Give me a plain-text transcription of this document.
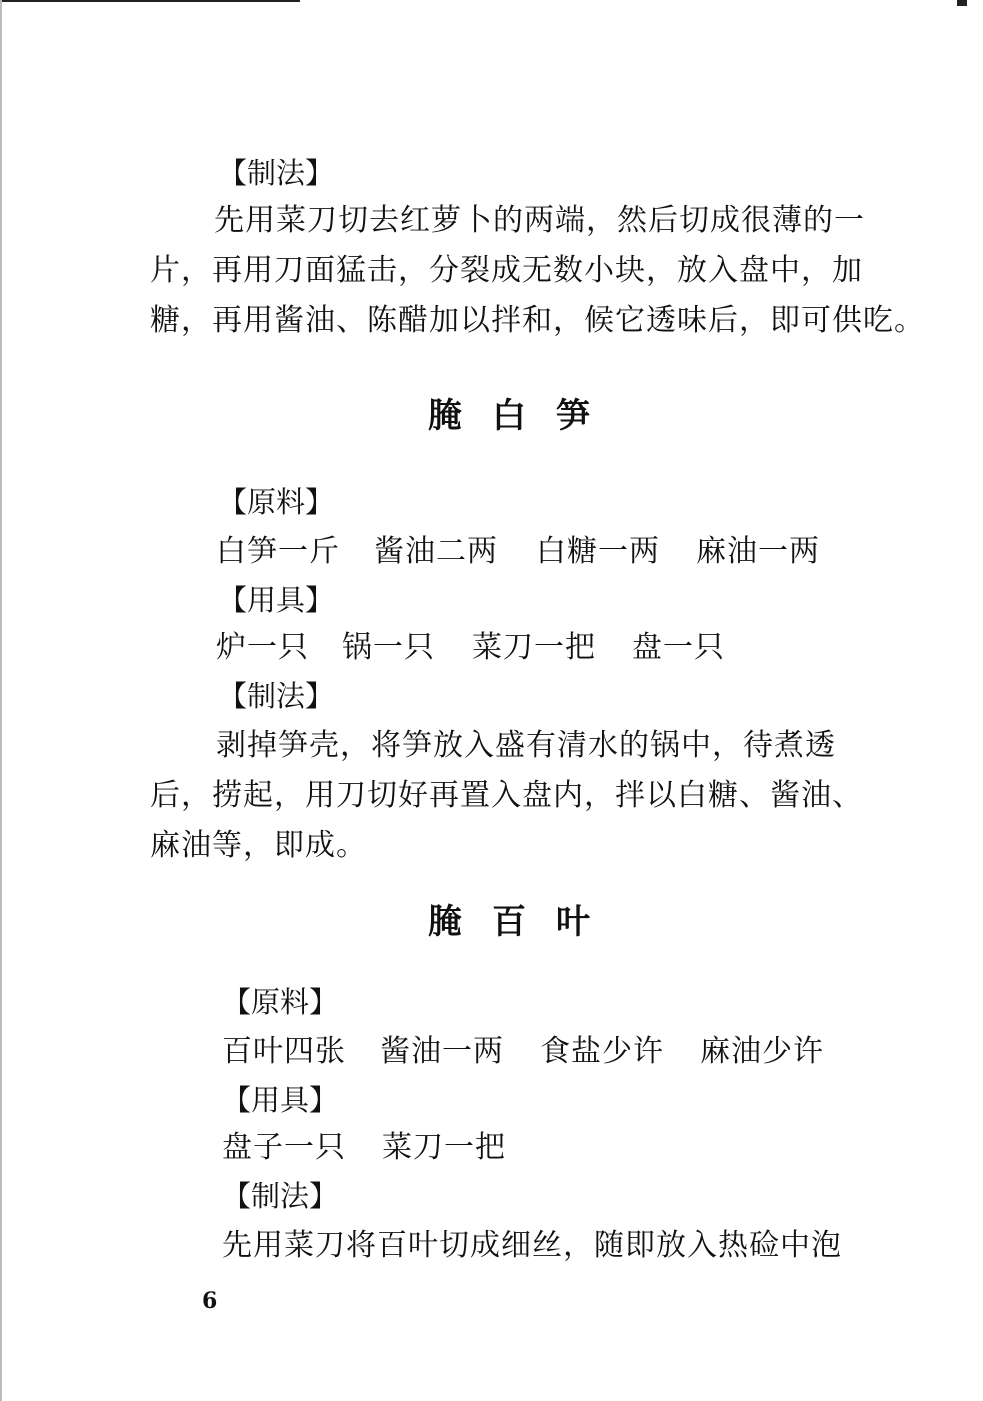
【制法】
先用菜刀切去红萝卜的两端，然后切成很薄的一
片，再用刀面猛击，分裂成无数小块，放入盘中，加
糖，再用酱油、陈醋加以拌和，候它透味后，即可供吃。
腌白笋
【原料】
白笋一斤 酱油二两 白糖一两 麻油一两
【用具】
炉一只 锅一只 菜刀一把 盘一只
【制法】
剥掉笋壳，将笋放入盛有清水的锅中，待煮透
后，捞起，用刀切好再置入盘内，拌以白糖、酱油、
麻油等，即成。
腌百叶
【原料】
百叶四张 酱油一两 食盐少许 麻油少许
【用具】
盘子一只 菜刀一把
【制法】
先用菜刀将百叶切成细丝，随即放入热硷中泡
6
